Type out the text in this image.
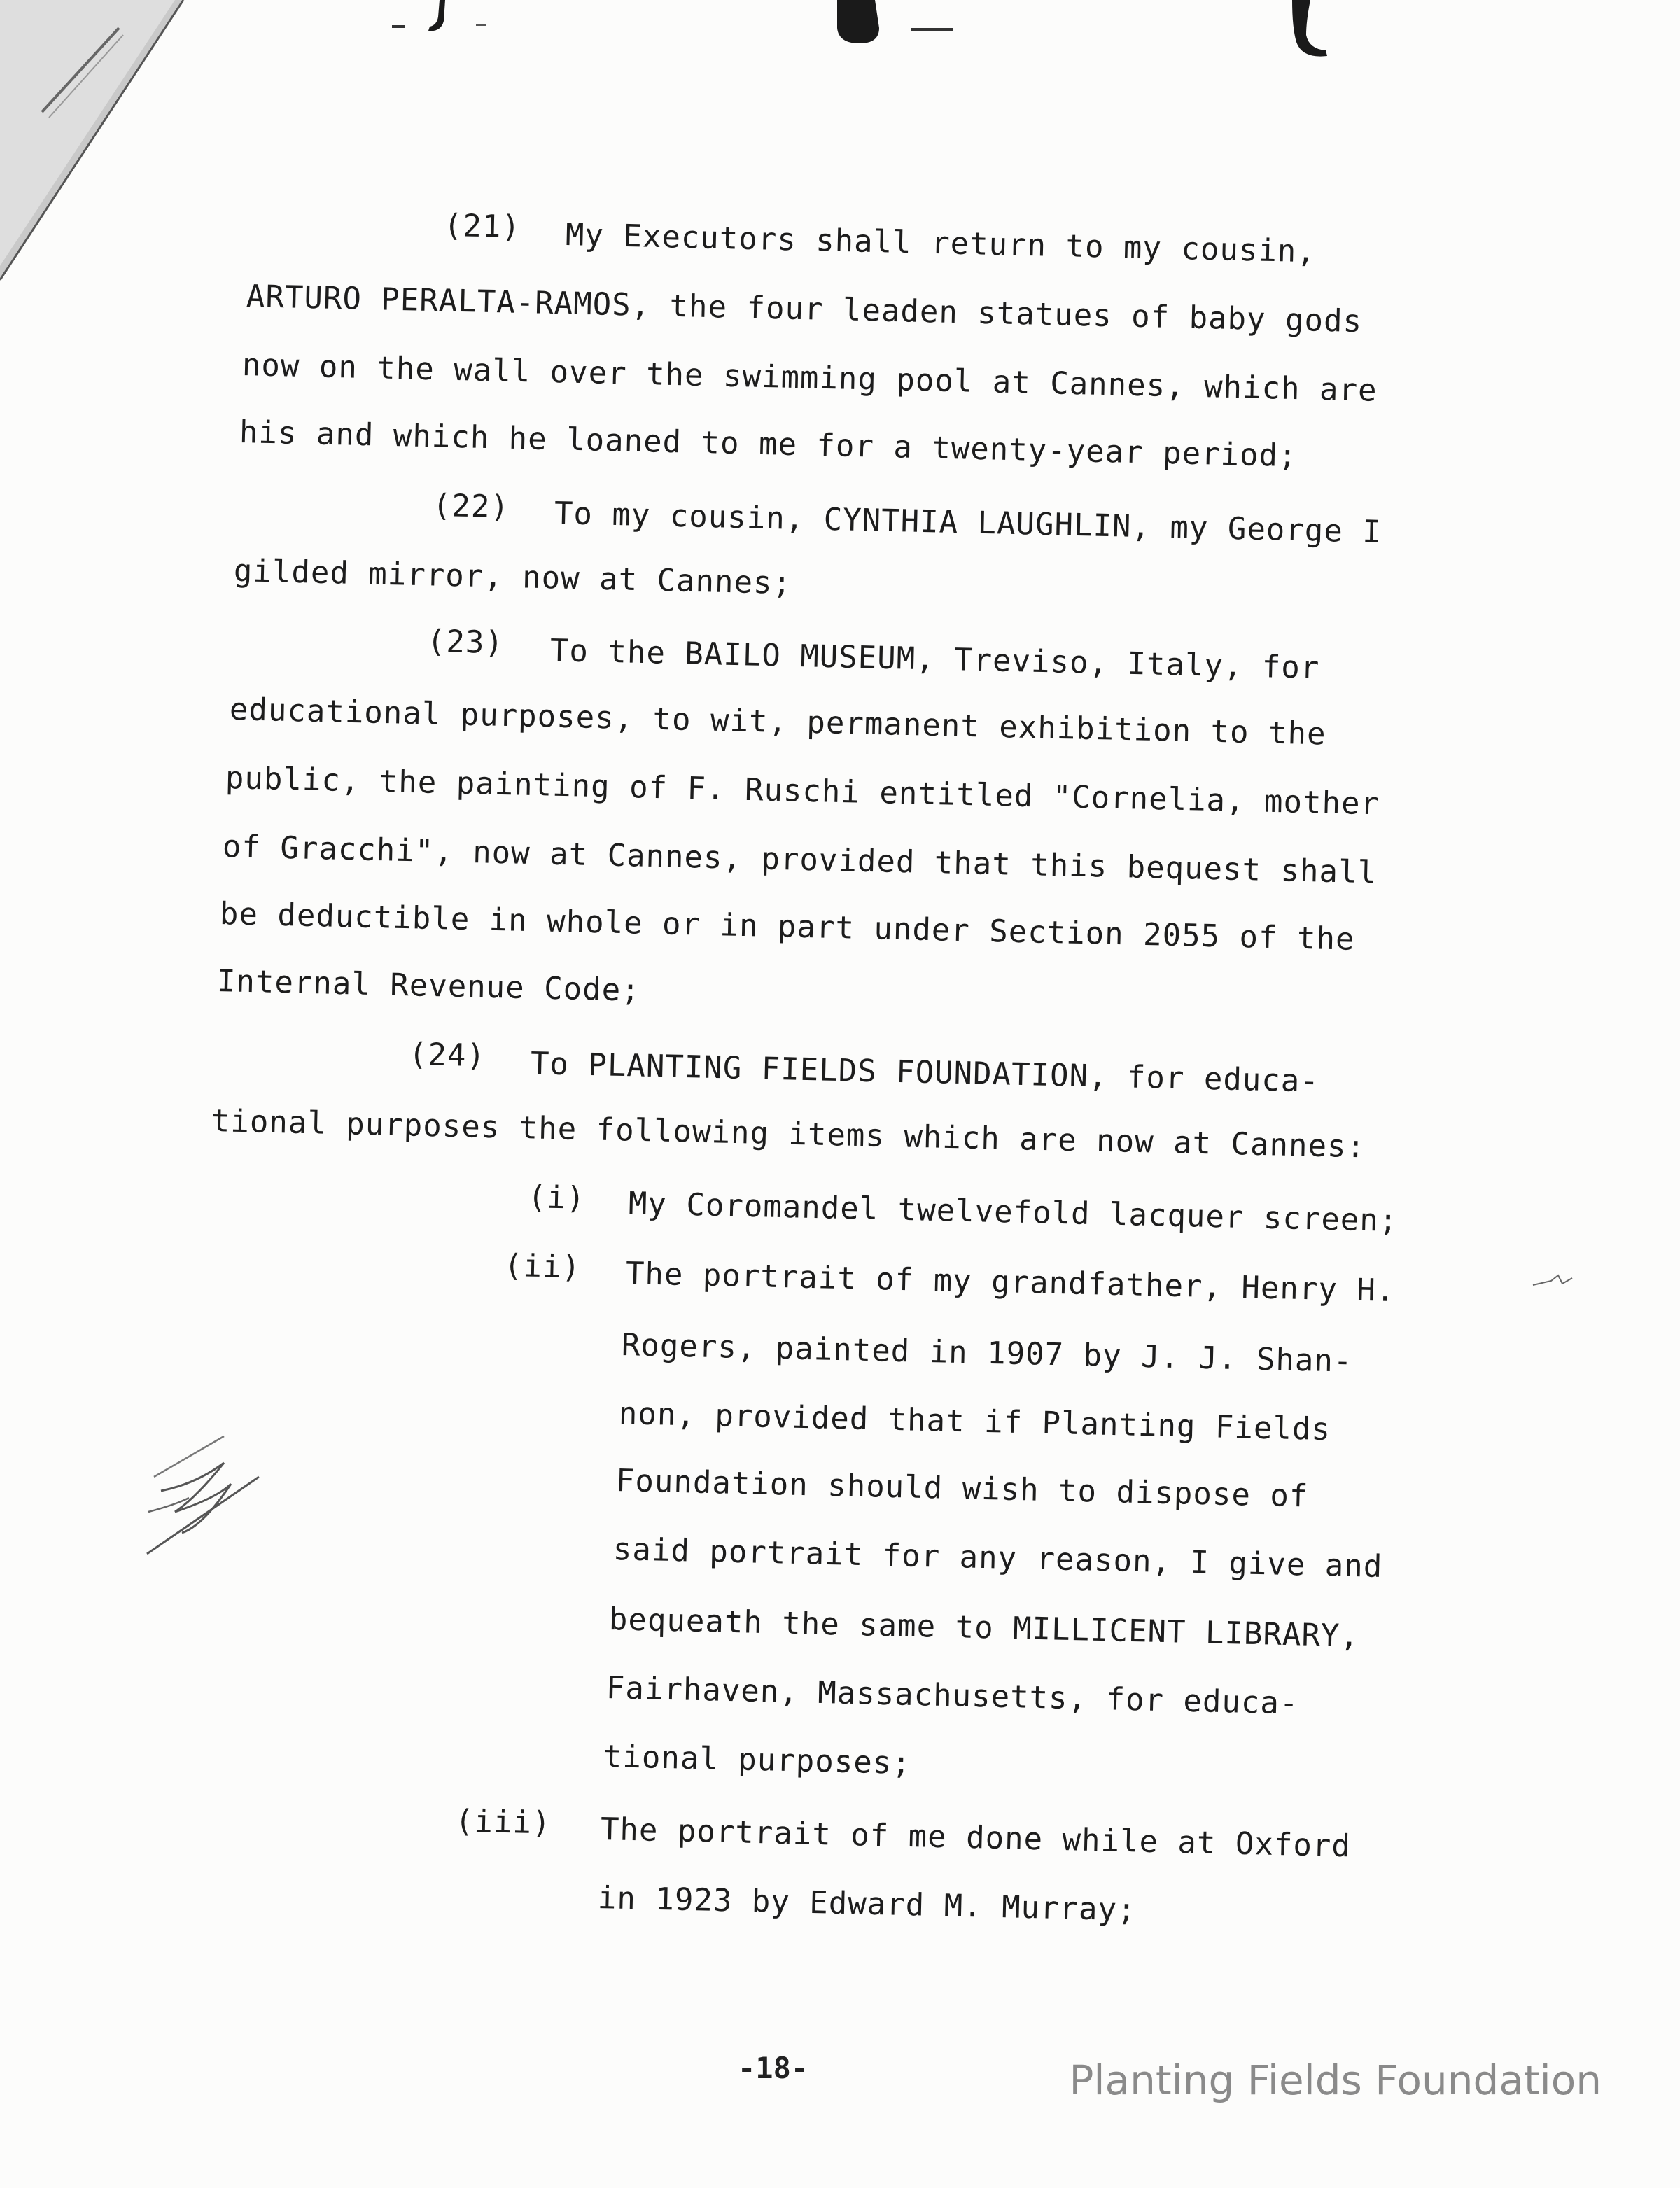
(21) My Executors shall return to my cousin,
ARTURO PERALTA-RAMOS, the four leaden statues of baby gods
now on the wall over the swimming pool at Cannes, which are
his and which he loaned to me for a twenty-year period;
(22) To my cousin, CYNTHIA LAUGHLIN, my George I
gilded mirror, now at Cannes;
(23) To the BAILO MUSEUM, Treviso, Italy, for
educational purposes, to wit, permanent exhibition to the
public, the painting of F. Ruschi entitled "Cornelia, mother
of Gracchi", now at Cannes, provided that this bequest shall
be deductible in whole or in part under Section 2055 of the
Internal Revenue Code;
(24) To PLANTING FIELDS FOUNDATION, for educa-
tional purposes the following items which are now at Cannes:
(i) My Coromandel twelvefold lacquer screen;
(ii) The portrait of my grandfather, Henry H.
Rogers, painted in 1907 by J. J. Shan-
non, provided that if Planting Fields
Foundation should wish to dispose of
said portrait for any reason, I give and
bequeath the same to MILLICENT LIBRARY,
Fairhaven, Massachusetts, for educa-
tional purposes;
(iii) The portrait of me done while at Oxford
in 1923 by Edward M. Murray;
-18-	Planting Fields Foundation
